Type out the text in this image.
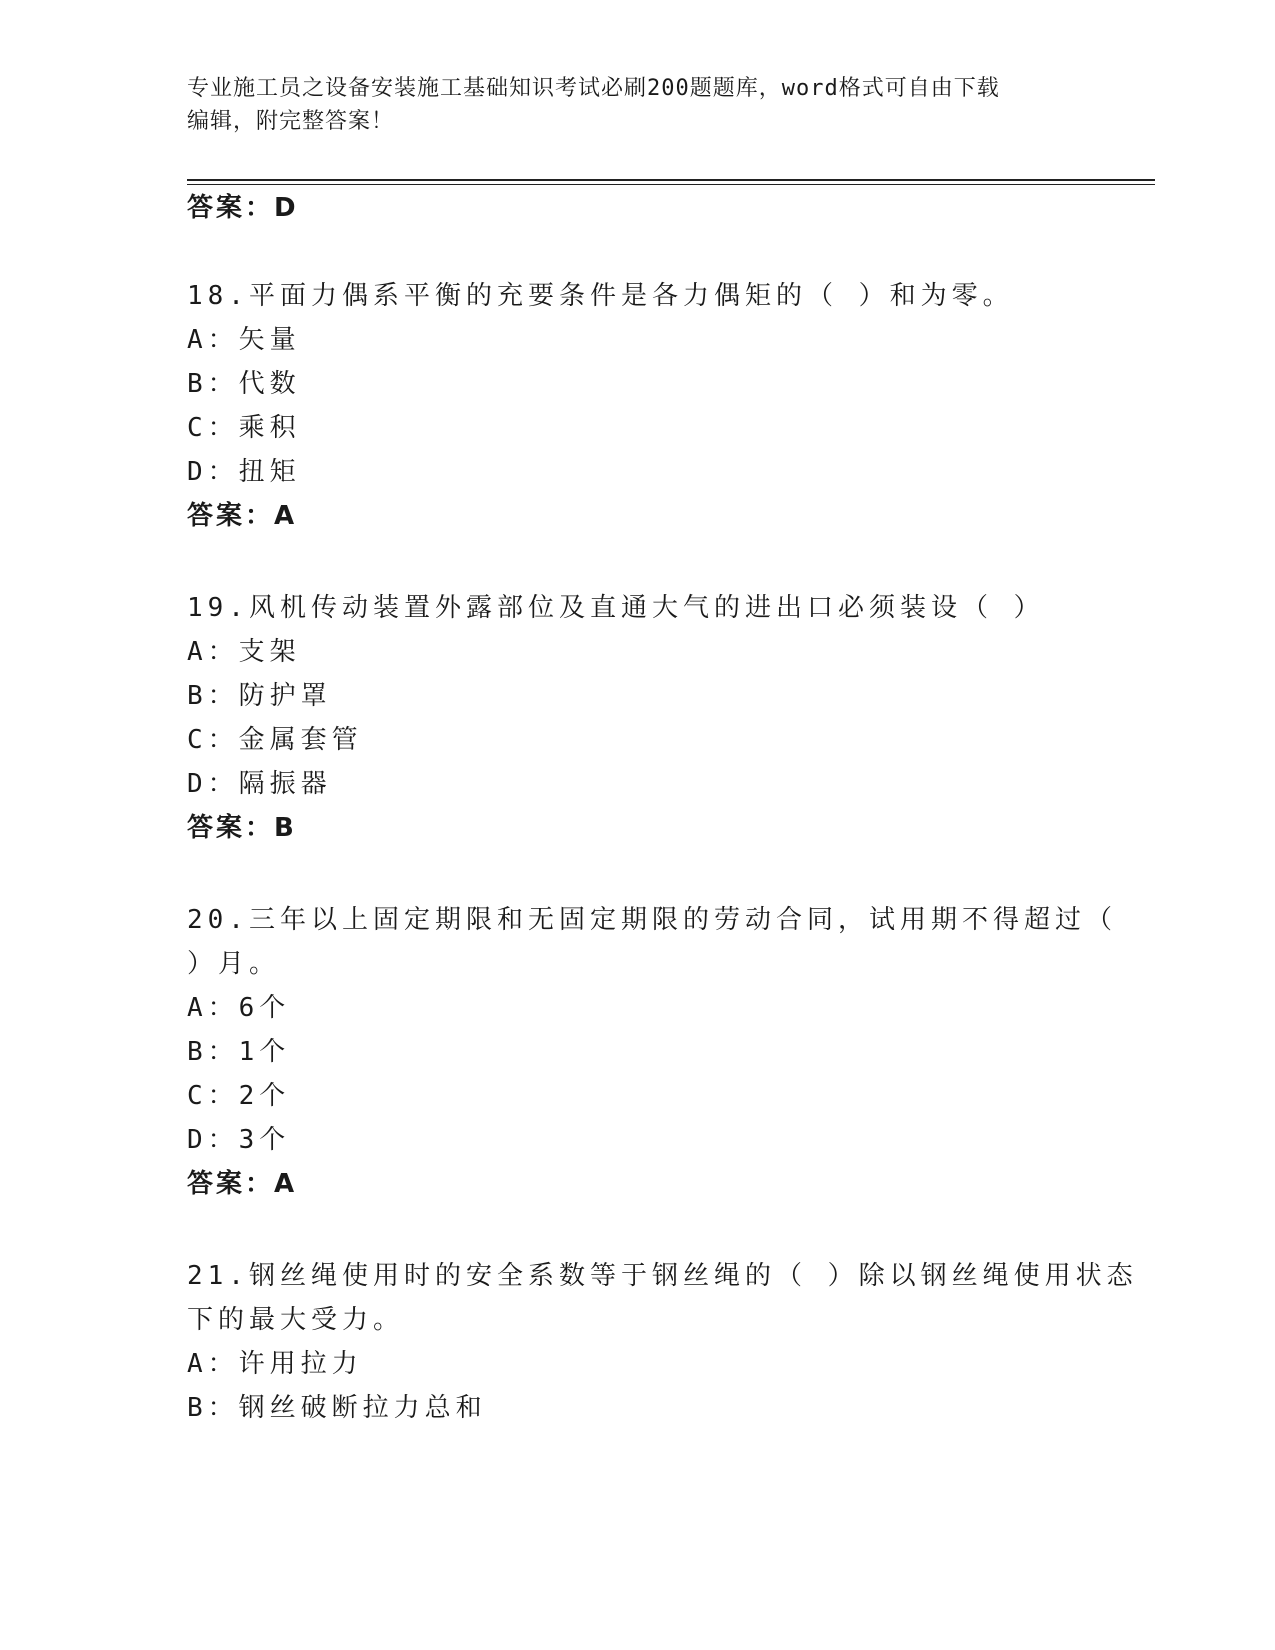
专业施工员之设备安装施工基础知识考试必刷200题题库，word格式可自由下载
编辑，附完整答案！
答案：D
18.平面力偶系平衡的充要条件是各力偶矩的（ ）和为零。
A：矢量
B：代数
C：乘积
D：扭矩
答案：A
19.风机传动装置外露部位及直通大气的进出口必须装设（ ）
A：支架
B：防护罩
C：金属套管
D：隔振器
答案：B
20.三年以上固定期限和无固定期限的劳动合同，试用期不得超过（
）月。
A：6个
B：1个
C：2个
D：3个
答案：A
21.钢丝绳使用时的安全系数等于钢丝绳的（ ）除以钢丝绳使用状态
下的最大受力。
A：许用拉力
B：钢丝破断拉力总和
